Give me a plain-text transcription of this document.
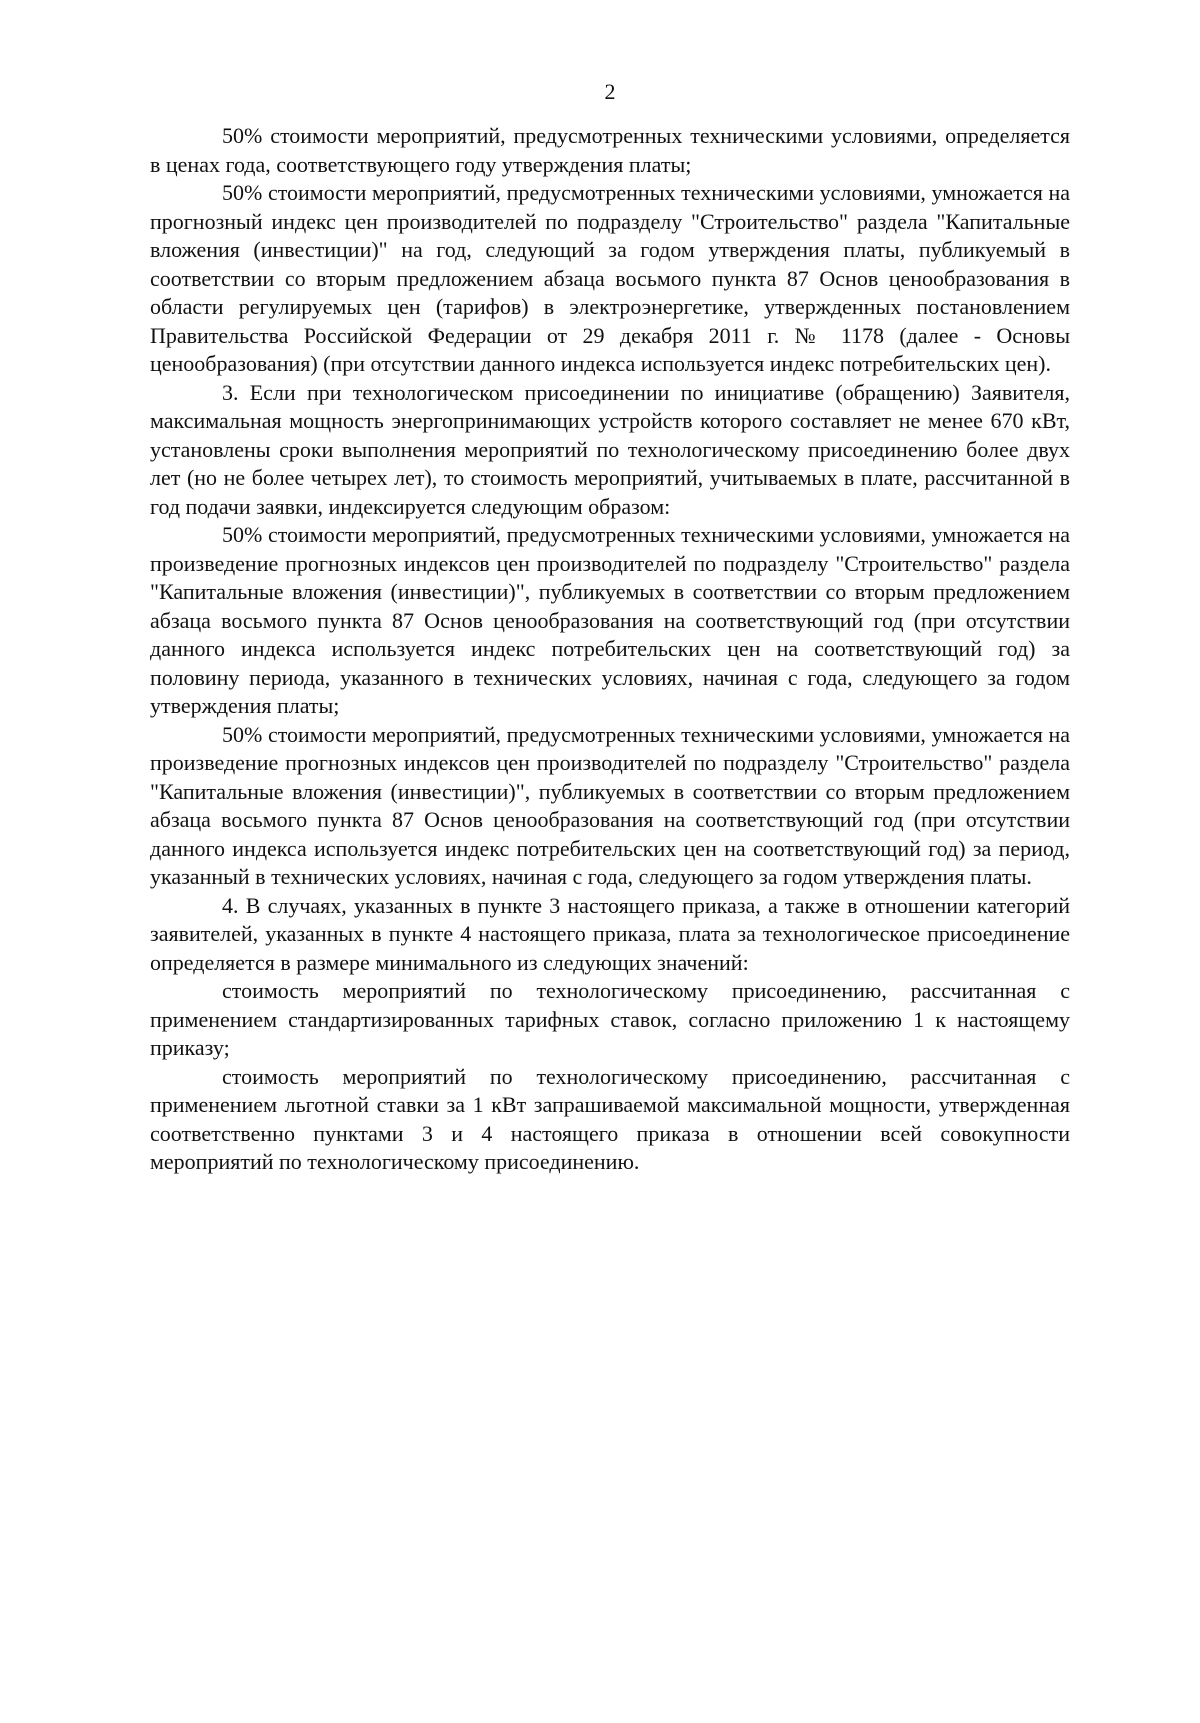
2

50% стоимости мероприятий, предусмотренных техническими условиями, определяется в ценах года, соответствующего году утверждения платы;

50% стоимости мероприятий, предусмотренных техническими условиями, умножается на прогнозный индекс цен производителей по подразделу "Строительство" раздела "Капитальные вложения (инвестиции)" на год, следующий за годом утверждения платы, публикуемый в соответствии со вторым предложением абзаца восьмого пункта 87 Основ ценообразования в области регулируемых цен (тарифов) в электроэнергетике, утвержденных постановлением Правительства Российской Федерации от 29 декабря 2011 г. № 1178 (далее - Основы ценообразования) (при отсутствии данного индекса используется индекс потребительских цен).

3. Если при технологическом присоединении по инициативе (обращению) Заявителя, максимальная мощность энергопринимающих устройств которого составляет не менее 670 кВт, установлены сроки выполнения мероприятий по технологическому присоединению более двух лет (но не более четырех лет), то стоимость мероприятий, учитываемых в плате, рассчитанной в год подачи заявки, индексируется следующим образом:

50% стоимости мероприятий, предусмотренных техническими условиями, умножается на произведение прогнозных индексов цен производителей по подразделу "Строительство" раздела "Капитальные вложения (инвестиции)", публикуемых в соответствии со вторым предложением абзаца восьмого пункта 87 Основ ценообразования на соответствующий год (при отсутствии данного индекса используется индекс потребительских цен на соответствующий год) за половину периода, указанного в технических условиях, начиная с года, следующего за годом утверждения платы;

50% стоимости мероприятий, предусмотренных техническими условиями, умножается на произведение прогнозных индексов цен производителей по подразделу "Строительство" раздела "Капитальные вложения (инвестиции)", публикуемых в соответствии со вторым предложением абзаца восьмого пункта 87 Основ ценообразования на соответствующий год (при отсутствии данного индекса используется индекс потребительских цен на соответствующий год) за период, указанный в технических условиях, начиная с года, следующего за годом утверждения платы.

4. В случаях, указанных в пункте 3 настоящего приказа, а также в отношении категорий заявителей, указанных в пункте 4 настоящего приказа, плата за технологическое присоединение определяется в размере минимального из следующих значений:

стоимость мероприятий по технологическому присоединению, рассчитанная с применением стандартизированных тарифных ставок, согласно приложению 1 к настоящему приказу;

стоимость мероприятий по технологическому присоединению, рассчитанная с применением льготной ставки за 1 кВт запрашиваемой максимальной мощности, утвержденная соответственно пунктами 3 и 4 настоящего приказа в отношении всей совокупности мероприятий по технологическому присоединению.
